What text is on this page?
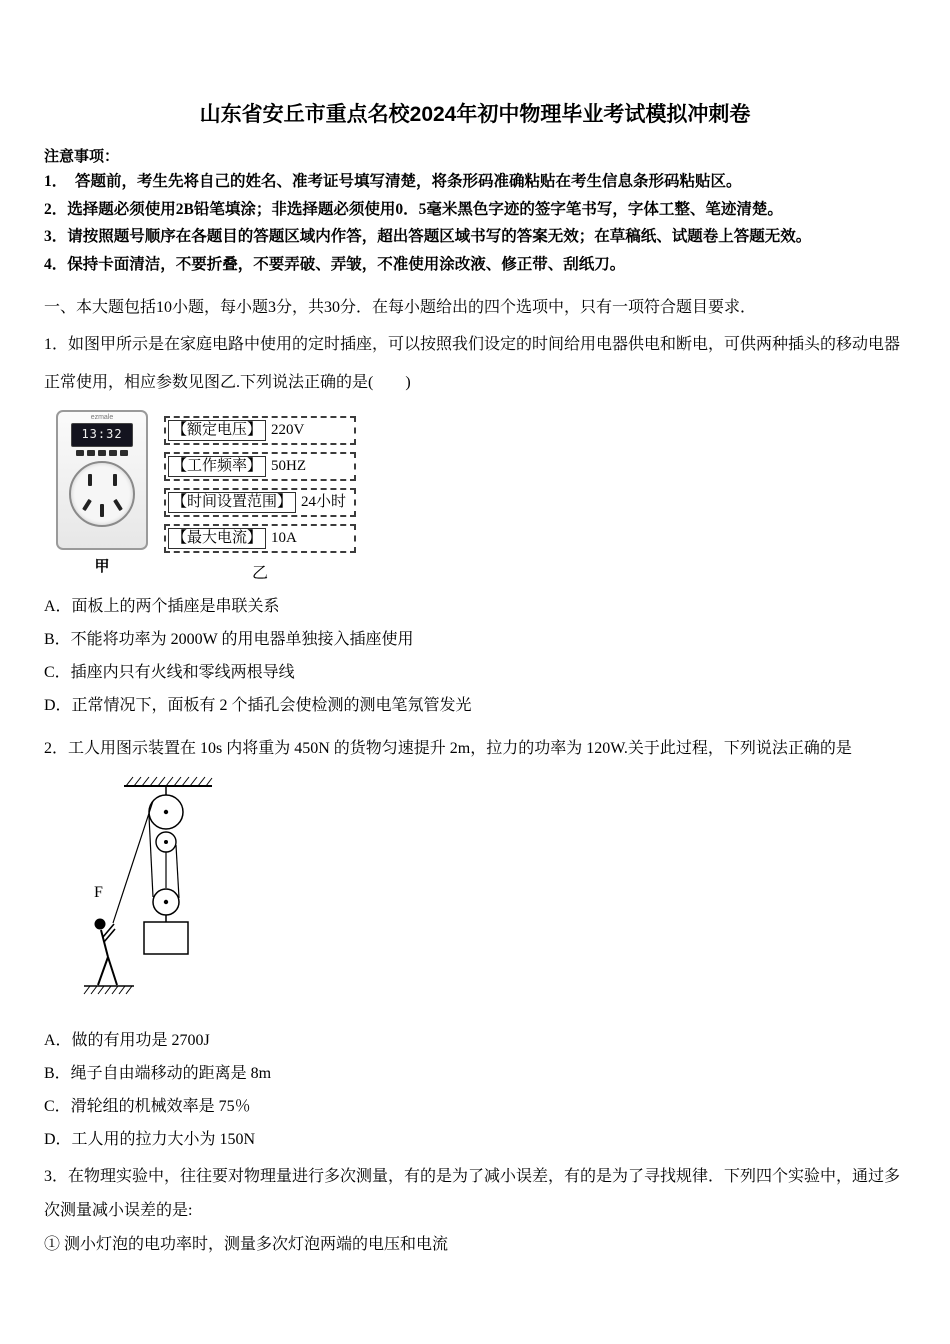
山东省安丘市重点名校2024年初中物理毕业考试模拟冲刺卷
注意事项：
1．　答题前，考生先将自己的姓名、准考证号填写清楚，将条形码准确粘贴在考生信息条形码粘贴区。
2．选择题必须使用2B铅笔填涂；非选择题必须使用0．5毫米黑色字迹的签字笔书写，字体工整、笔迹清楚。
3．请按照题号顺序在各题目的答题区域内作答，超出答题区域书写的答案无效；在草稿纸、试题卷上答题无效。
4．保持卡面清洁，不要折叠，不要弄破、弄皱，不准使用涂改液、修正带、刮纸刀。
一、本大题包括10小题，每小题3分，共30分．在每小题给出的四个选项中，只有一项符合题目要求．
1．如图甲所示是在家庭电路中使用的定时插座，可以按照我们设定的时间给用电器供电和断电，可供两种插头的移动电器正常使用，相应参数见图乙.下列说法正确的是(　　)
ezmale
13:32
甲
【额定电压】 220V
【工作频率】 50HZ
【时间设置范围】 24小时
【最大电流】 10A
乙
A．面板上的两个插座是串联关系
B．不能将功率为 2000W 的用电器单独接入插座使用
C．插座内只有火线和零线两根导线
D．正常情况下，面板有 2 个插孔会使检测的测电笔氖管发光
2．工人用图示装置在 10s 内将重为 450N 的货物匀速提升 2m，拉力的功率为 120W.关于此过程，下列说法正确的是
F
A．做的有用功是 2700J
B．绳子自由端移动的距离是 8m
C．滑轮组的机械效率是 75％
D．工人用的拉力大小为 150N
3．在物理实验中，往往要对物理量进行多次测量，有的是为了减小误差，有的是为了寻找规律．下列四个实验中，通过多次测量减小误差的是:
① 测小灯泡的电功率时，测量多次灯泡两端的电压和电流
